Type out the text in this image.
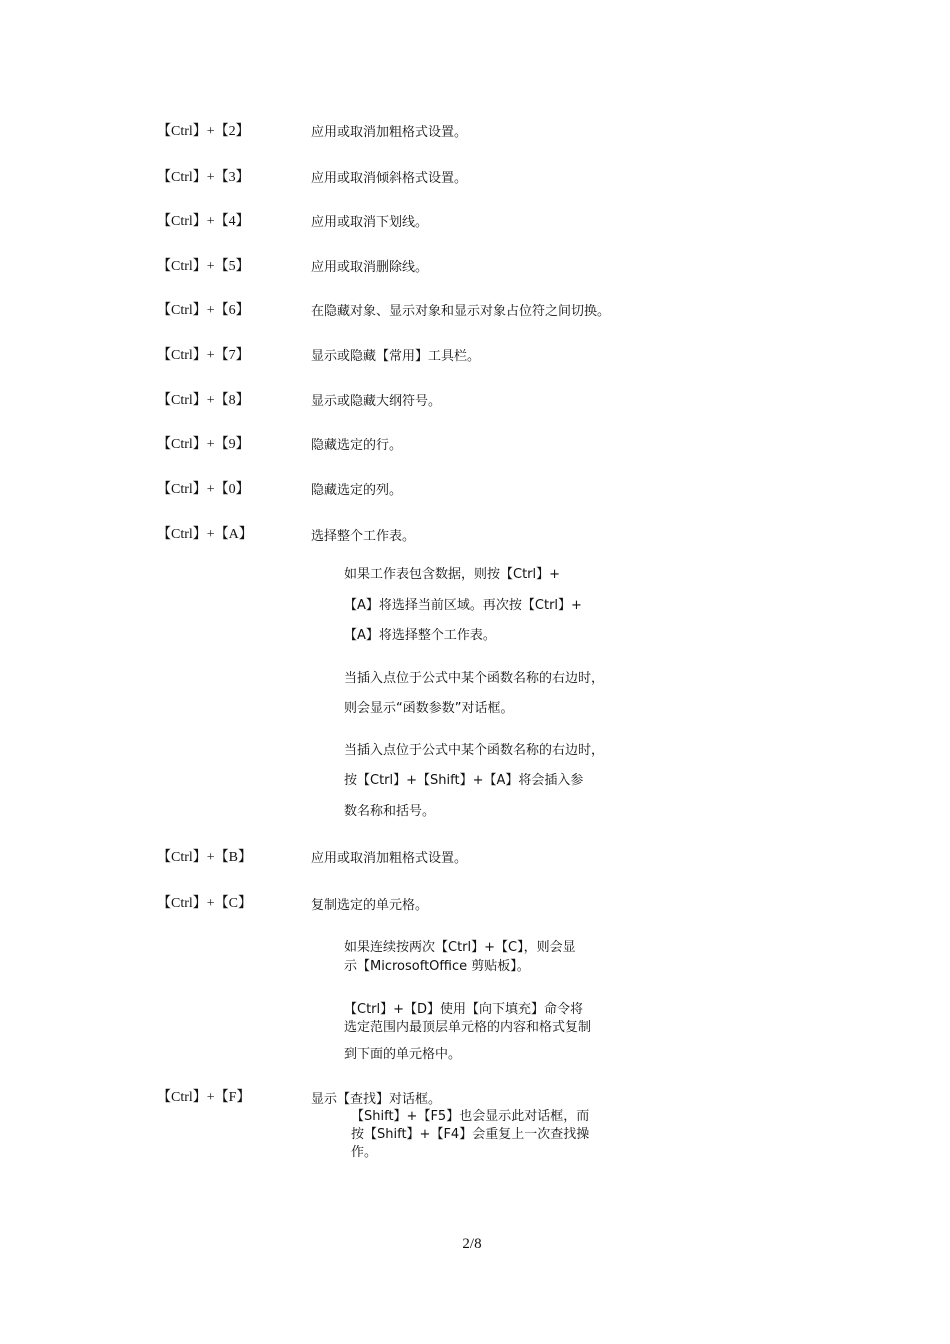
【Ctrl】+【2】	应用或取消加粗格式设置。
【Ctrl】+【3】	应用或取消倾斜格式设置。
【Ctrl】+【4】	应用或取消下划线。
【Ctrl】+【5】	应用或取消删除线。
【Ctrl】+【6】	在隐藏对象、显示对象和显示对象占位符之间切换。
【Ctrl】+【7】	显示或隐藏【常用】工具栏。
【Ctrl】+【8】	显示或隐藏大纲符号。
【Ctrl】+【9】	隐藏选定的行。
【Ctrl】+【0】	隐藏选定的列。
【Ctrl】+【A】	选择整个工作表。
如果工作表包含数据，则按【Ctrl】+
【A】将选择当前区域。再次按【Ctrl】+
【A】将选择整个工作表。
当插入点位于公式中某个函数名称的右边时，
则会显示“函数参数”对话框。
当插入点位于公式中某个函数名称的右边时，
按【Ctrl】+【Shift】+【A】将会插入参
数名称和括号。
【Ctrl】+【B】	应用或取消加粗格式设置。
【Ctrl】+【C】	复制选定的单元格。
如果连续按两次【Ctrl】+【C】，则会显
示【MicrosoftOffice 剪贴板】。
【Ctrl】+【D】使用【向下填充】命令将
选定范围内最顶层单元格的内容和格式复制
到下面的单元格中。
【Ctrl】+【F】	显示【查找】对话框。
【Shift】+【F5】也会显示此对话框，而
按【Shift】+【F4】会重复上一次查找操
作。
2/8
